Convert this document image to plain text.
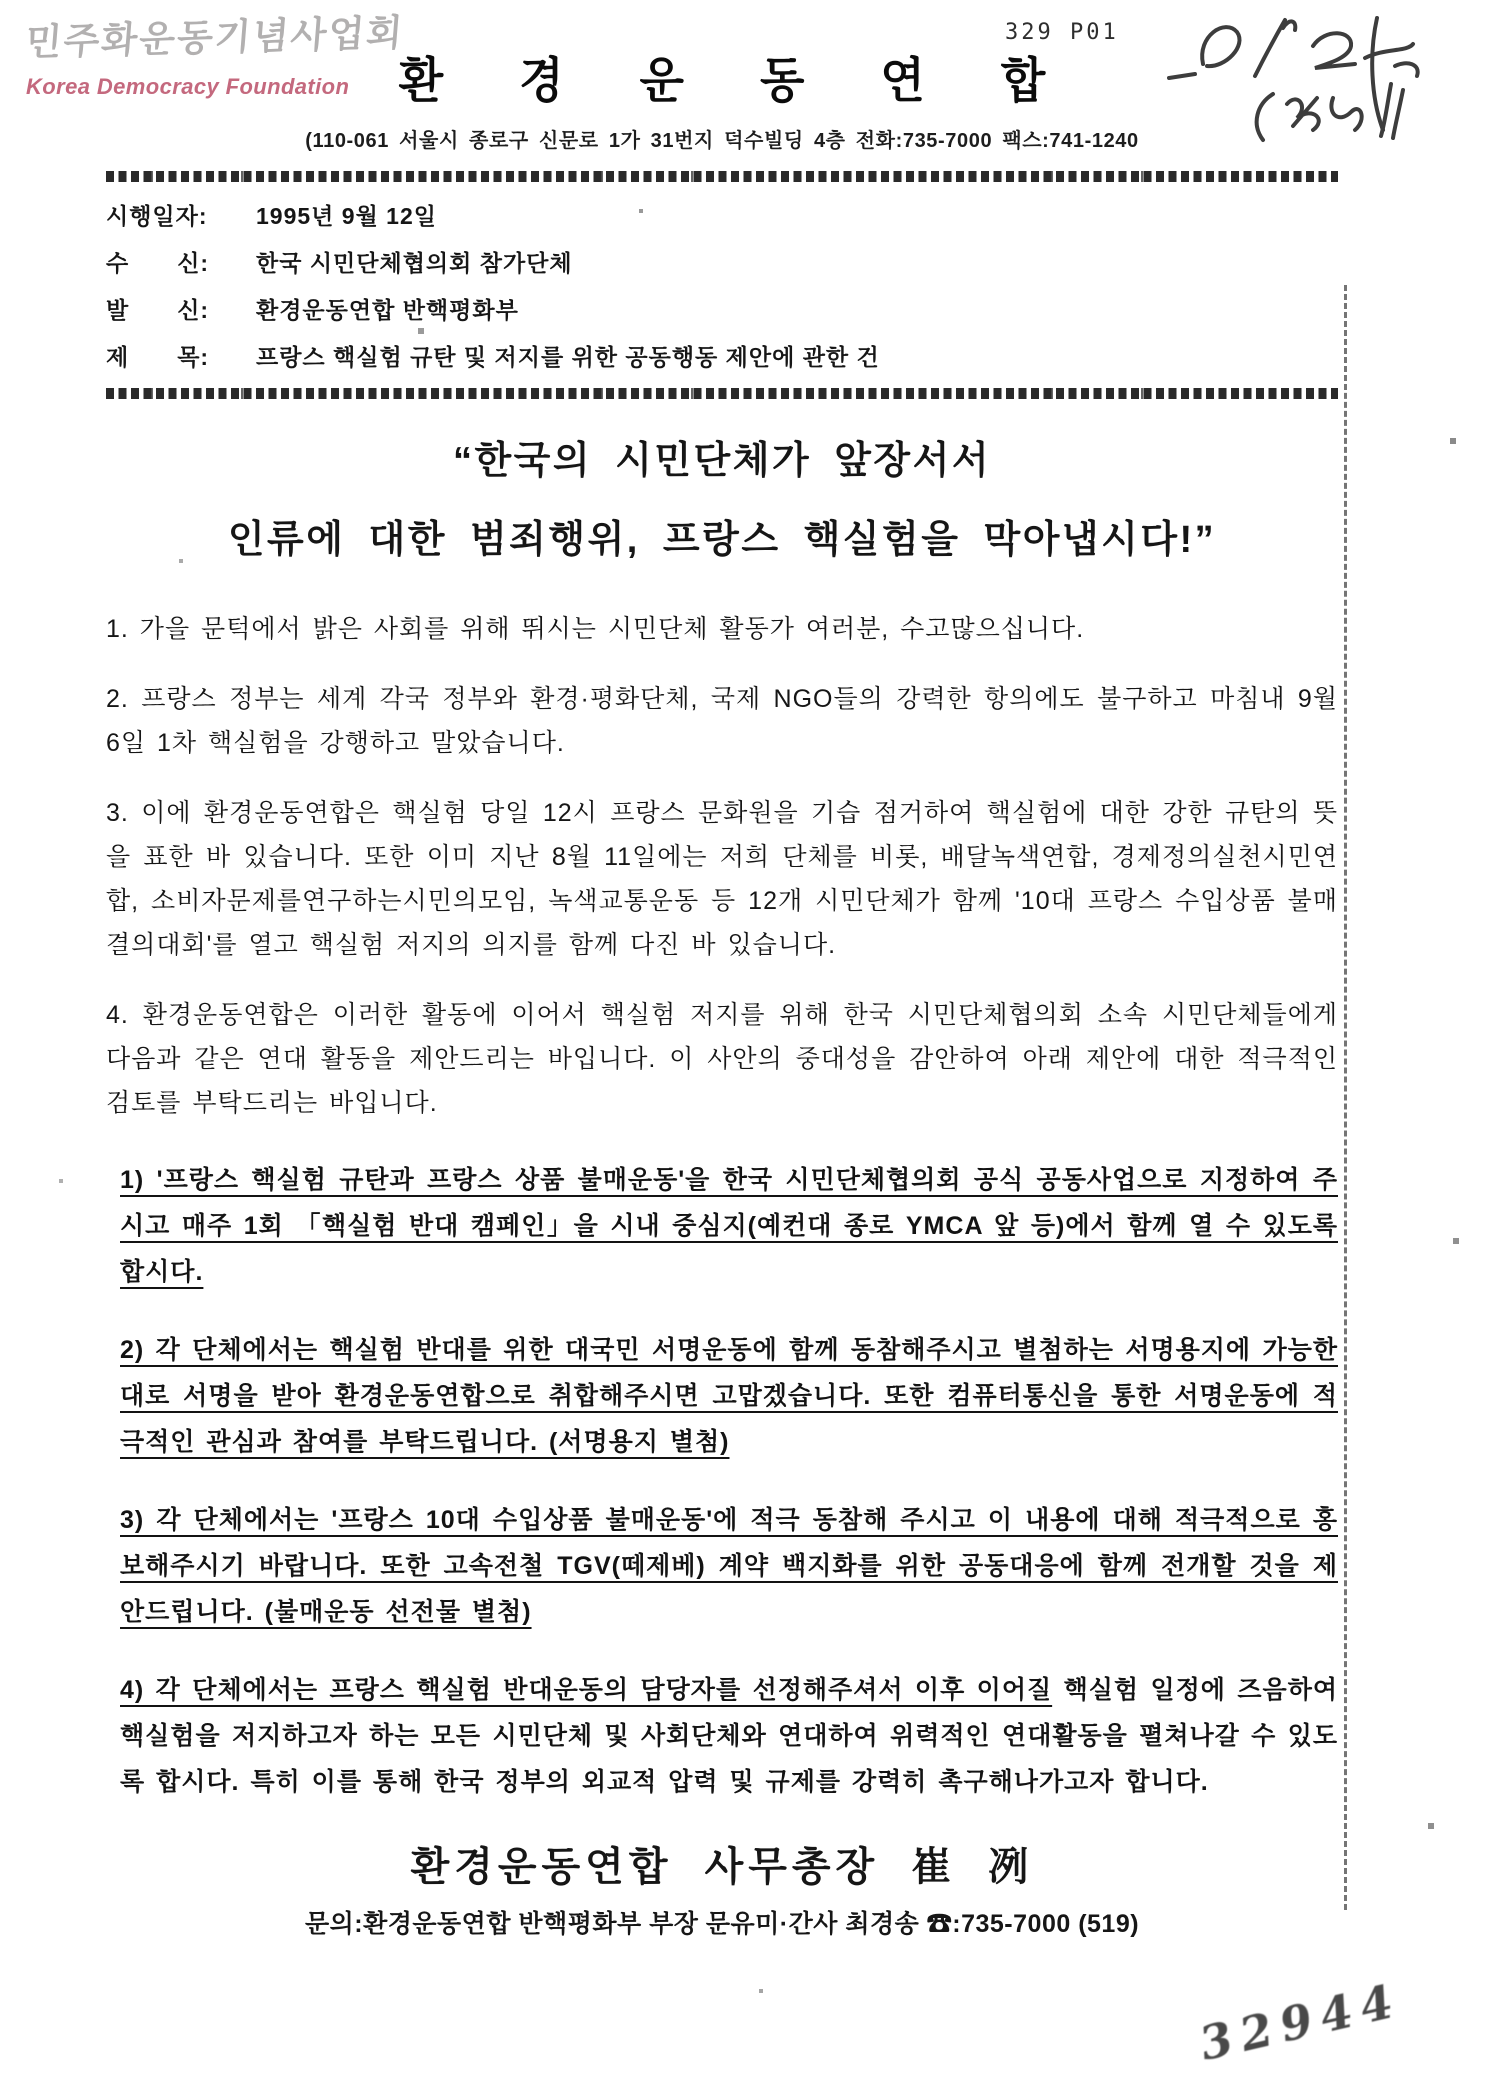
민주화운동기념사업회
Korea Democracy Foundation
329 P01
환경운동연합
(110-061 서울시 종로구 신문로 1가 31번지 덕수빌딩 4층 전화:735-7000 팩스:741-1240
시행일자:	1995년 9월 12일
수　　신:	한국 시민단체협의회 참가단체
발　　신:	환경운동연합 반핵평화부
제　　목:	프랑스 핵실험 규탄 및 저지를 위한 공동행동 제안에 관한 건
“한국의 시민단체가 앞장서서
인류에 대한 범죄행위, 프랑스 핵실험을 막아냅시다!”
1. 가을 문턱에서 밝은 사회를 위해 뛰시는 시민단체 활동가 여러분, 수고많으십니다.
2. 프랑스 정부는 세계 각국 정부와 환경·평화단체, 국제 NGO들의 강력한 항의에도 불구하고 마침내 9월 6일 1차 핵실험을 강행하고 말았습니다.
3. 이에 환경운동연합은 핵실험 당일 12시 프랑스 문화원을 기습 점거하여 핵실험에 대한 강한 규탄의 뜻을 표한 바 있습니다. 또한 이미 지난 8월 11일에는 저희 단체를 비롯, 배달녹색연합, 경제정의실천시민연합, 소비자문제를연구하는시민의모임, 녹색교통운동 등 12개 시민단체가 함께 '10대 프랑스 수입상품 불매 결의대회'를 열고 핵실험 저지의 의지를 함께 다진 바 있습니다.
4. 환경운동연합은 이러한 활동에 이어서 핵실험 저지를 위해 한국 시민단체협의회 소속 시민단체들에게 다음과 같은 연대 활동을 제안드리는 바입니다. 이 사안의 중대성을 감안하여 아래 제안에 대한 적극적인 검토를 부탁드리는 바입니다.
1) '프랑스 핵실험 규탄과 프랑스 상품 불매운동'을 한국 시민단체협의회 공식 공동사업으로 지정하여 주시고 매주 1회 「핵실험 반대 캠페인」을 시내 중심지(예컨대 종로 YMCA 앞 등)에서 함께 열 수 있도록 합시다.
2) 각 단체에서는 핵실험 반대를 위한 대국민 서명운동에 함께 동참해주시고 별첨하는 서명용지에 가능한대로 서명을 받아 환경운동연합으로 취합해주시면 고맙겠습니다. 또한 컴퓨터통신을 통한 서명운동에 적극적인 관심과 참여를 부탁드립니다. (서명용지 별첨)
3) 각 단체에서는 '프랑스 10대 수입상품 불매운동'에 적극 동참해 주시고 이 내용에 대해 적극적으로 홍보해주시기 바랍니다. 또한 고속전철 TGV(떼제베) 계약 백지화를 위한 공동대응에 함께 전개할 것을 제안드립니다. (불매운동 선전물 별첨)
4) 각 단체에서는 프랑스 핵실험 반대운동의 담당자를 선정해주셔서 이후 이어질 핵실험 일정에 즈음하여 핵실험을 저지하고자 하는 모든 시민단체 및 사회단체와 연대하여 위력적인 연대활동을 펼쳐나갈 수 있도록 합시다. 특히 이를 통해 한국 정부의 외교적 압력 및 규제를 강력히 촉구해나가고자 합니다.
환경운동연합 사무총장 崔 冽
문의:환경운동연합 반핵평화부 부장 문유미·간사 최경송 ☎:735-7000 (519)
32944
